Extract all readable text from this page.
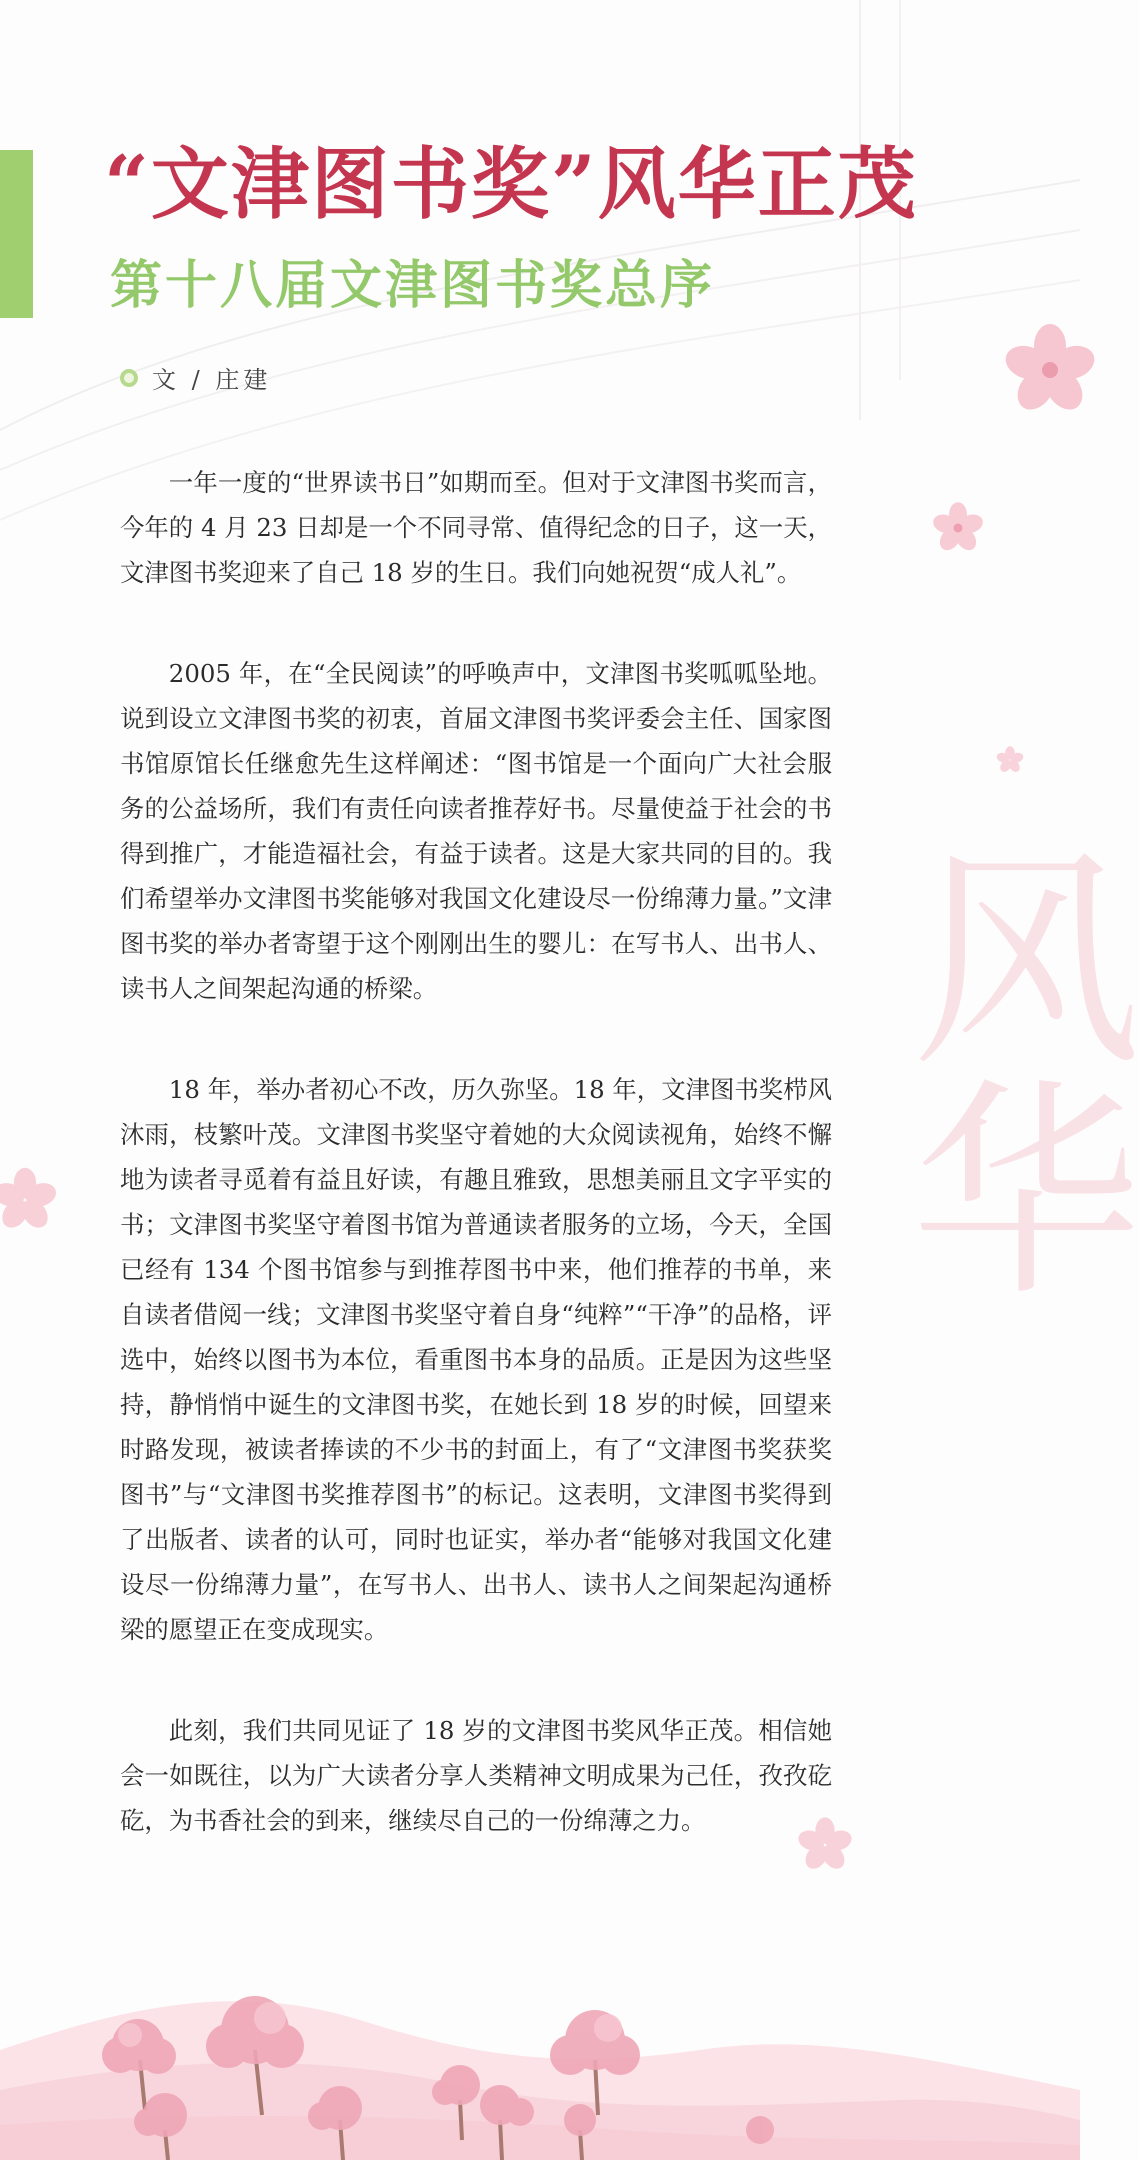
风华
“文津图书奖”风华正茂
第十八届文津图书奖总序
文 / 庄建

一年一度的“世界读书日”如期而至。但对于文津图书奖而言，今年的 4 月 23 日却是一个不同寻常、值得纪念的日子，这一天，文津图书奖迎来了自己 18 岁的生日。我们向她祝贺“成人礼”。

2005 年，在“全民阅读”的呼唤声中，文津图书奖呱呱坠地。说到设立文津图书奖的初衷，首届文津图书奖评委会主任、国家图书馆原馆长任继愈先生这样阐述：“图书馆是一个面向广大社会服务的公益场所，我们有责任向读者推荐好书。尽量使益于社会的书得到推广，才能造福社会，有益于读者。这是大家共同的目的。我们希望举办文津图书奖能够对我国文化建设尽一份绵薄力量。”文津图书奖的举办者寄望于这个刚刚出生的婴儿：在写书人、出书人、读书人之间架起沟通的桥梁。

18 年，举办者初心不改，历久弥坚。18 年，文津图书奖栉风沐雨，枝繁叶茂。文津图书奖坚守着她的大众阅读视角，始终不懈地为读者寻觅着有益且好读，有趣且雅致，思想美丽且文字平实的书；文津图书奖坚守着图书馆为普通读者服务的立场，今天，全国已经有 134 个图书馆参与到推荐图书中来，他们推荐的书单，来自读者借阅一线；文津图书奖坚守着自身“纯粹”“干净”的品格，评选中，始终以图书为本位，看重图书本身的品质。正是因为这些坚持，静悄悄中诞生的文津图书奖，在她长到 18 岁的时候，回望来时路发现，被读者捧读的不少书的封面上，有了“文津图书奖获奖图书”与“文津图书奖推荐图书”的标记。这表明，文津图书奖得到了出版者、读者的认可，同时也证实，举办者“能够对我国文化建设尽一份绵薄力量”，在写书人、出书人、读书人之间架起沟通桥梁的愿望正在变成现实。

此刻，我们共同见证了 18 岁的文津图书奖风华正茂。相信她会一如既往，以为广大读者分享人类精神文明成果为己任，孜孜矻矻，为书香社会的到来，继续尽自己的一份绵薄之力。
